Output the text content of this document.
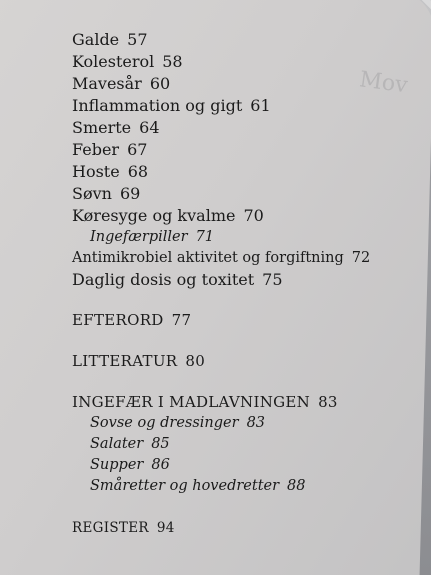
Mov
Galde 57
Kolesterol 58
Mavesår 60
Inflammation og gigt 61
Smerte 64
Feber 67
Hoste 68
Søvn 69
Køresyge og kvalme 70
Ingefærpiller 71
Antimikrobiel aktivitet og forgiftning 72
Daglig dosis og toxitet 75
EFTERORD 77
LITTERATUR 80
INGEFÆR I MADLAVNINGEN 83
Sovse og dressinger 83
Salater 85
Supper 86
Småretter og hovedretter 88
REGISTER 94
